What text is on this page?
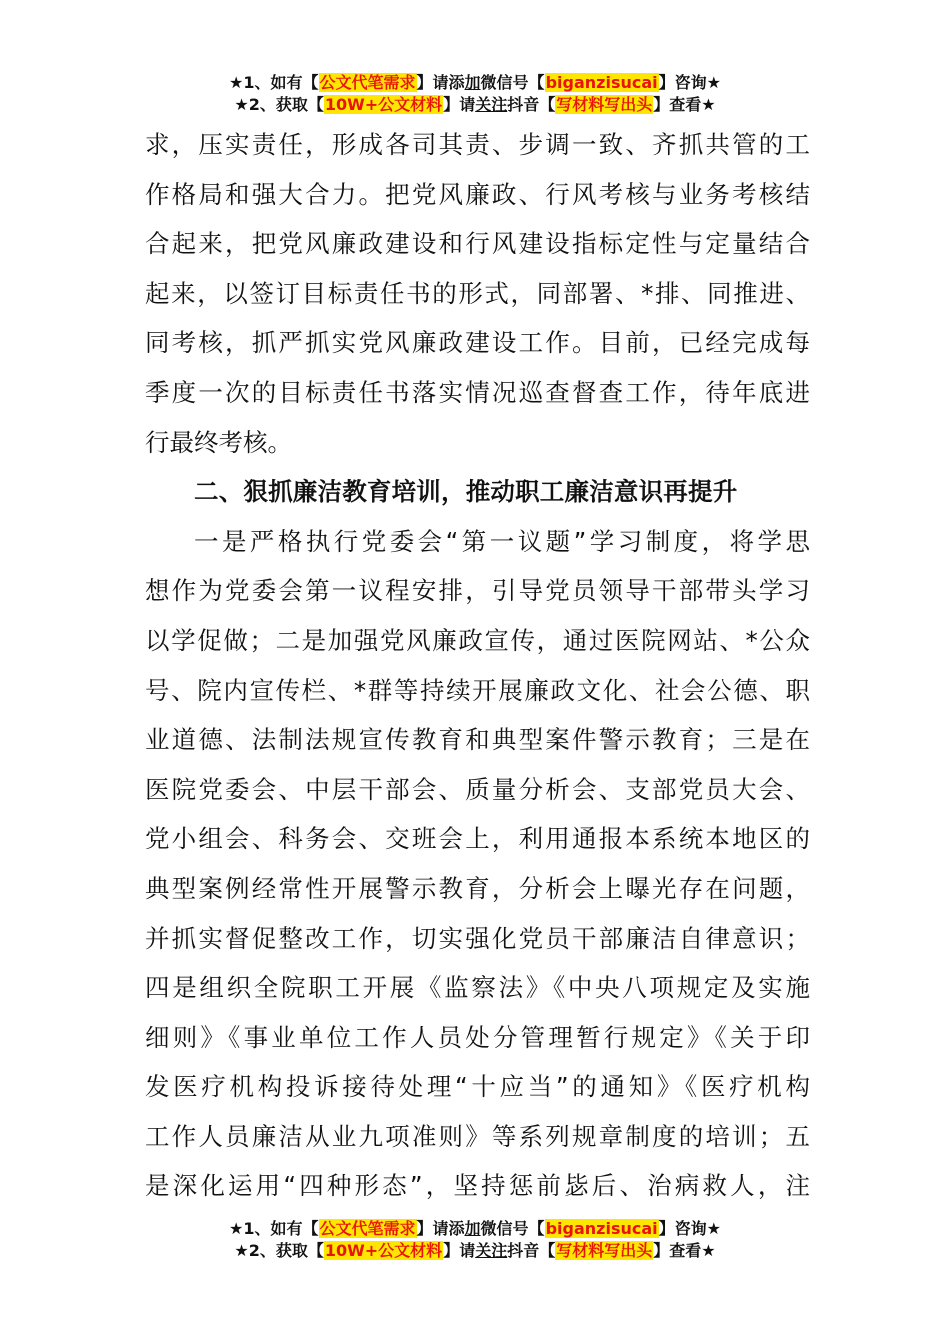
★1、如有【公文代笔需求】请添加微信号【biganzisucai】咨询★
★2、获取【10W+公文材料】请关注抖音【写材料写出头】查看★
求，压实责任，形成各司其责、步调一致、齐抓共管的工
作格局和强大合力。把党风廉政、行风考核与业务考核结
合起来，把党风廉政建设和行风建设指标定性与定量结合
起来，以签订目标责任书的形式，同部署、*排、同推进、
同考核，抓严抓实党风廉政建设工作。目前，已经完成每
季度一次的目标责任书落实情况巡查督查工作，待年底进
行最终考核。
二、狠抓廉洁教育培训，推动职工廉洁意识再提升
一是严格执行党委会“第一议题”学习制度，将学思
想作为党委会第一议程安排，引导党员领导干部带头学习
以学促做；二是加强党风廉政宣传，通过医院网站、*公众
号、院内宣传栏、*群等持续开展廉政文化、社会公德、职
业道德、法制法规宣传教育和典型案件警示教育；三是在
医院党委会、中层干部会、质量分析会、支部党员大会、
党小组会、科务会、交班会上，利用通报本系统本地区的
典型案例经常性开展警示教育，分析会上曝光存在问题，
并抓实督促整改工作，切实强化党员干部廉洁自律意识；
四是组织全院职工开展《监察法》《中央八项规定及实施
细则》《事业单位工作人员处分管理暂行规定》《关于印
发医疗机构投诉接待处理“十应当”的通知》《医疗机构
工作人员廉洁从业九项准则》等系列规章制度的培训；五
是深化运用“四种形态”，坚持惩前毖后、治病救人，注
★1、如有【公文代笔需求】请添加微信号【biganzisucai】咨询★
★2、获取【10W+公文材料】请关注抖音【写材料写出头】查看★
